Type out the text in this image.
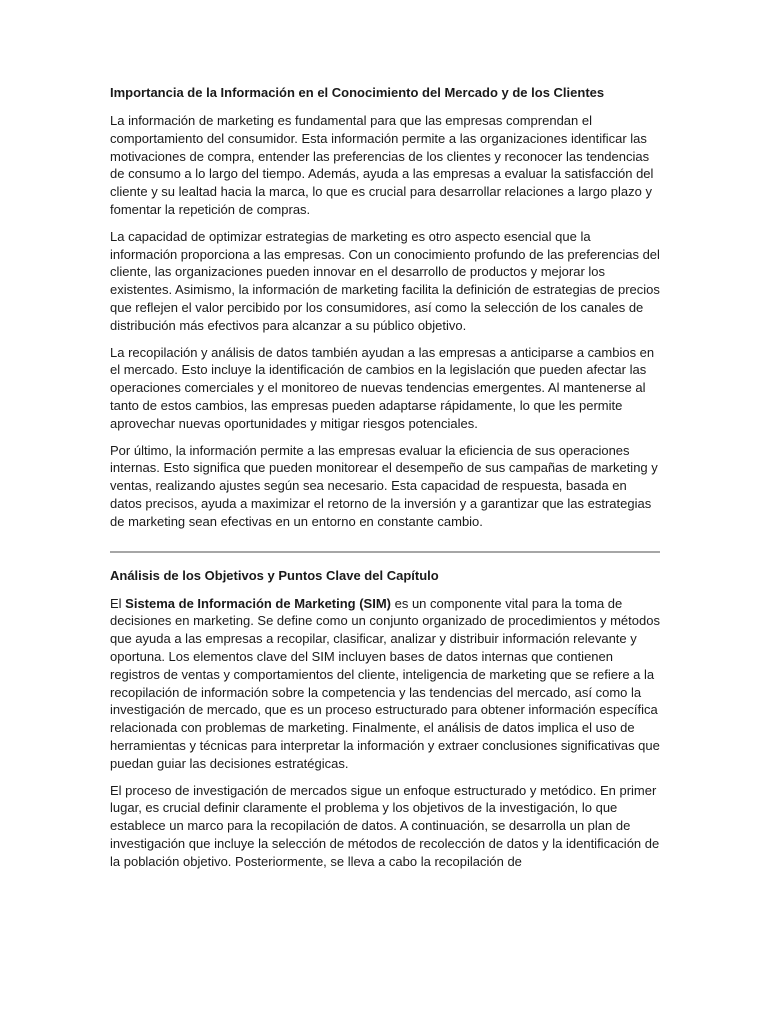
Importancia de la Información en el Conocimiento del Mercado y de los Clientes

La información de marketing es fundamental para que las empresas comprendan el comportamiento del consumidor. Esta información permite a las organizaciones identificar las motivaciones de compra, entender las preferencias de los clientes y reconocer las tendencias de consumo a lo largo del tiempo. Además, ayuda a las empresas a evaluar la satisfacción del cliente y su lealtad hacia la marca, lo que es crucial para desarrollar relaciones a largo plazo y fomentar la repetición de compras.

La capacidad de optimizar estrategias de marketing es otro aspecto esencial que la información proporciona a las empresas. Con un conocimiento profundo de las preferencias del cliente, las organizaciones pueden innovar en el desarrollo de productos y mejorar los existentes. Asimismo, la información de marketing facilita la definición de estrategias de precios que reflejen el valor percibido por los consumidores, así como la selección de los canales de distribución más efectivos para alcanzar a su público objetivo.

La recopilación y análisis de datos también ayudan a las empresas a anticiparse a cambios en el mercado. Esto incluye la identificación de cambios en la legislación que pueden afectar las operaciones comerciales y el monitoreo de nuevas tendencias emergentes. Al mantenerse al tanto de estos cambios, las empresas pueden adaptarse rápidamente, lo que les permite aprovechar nuevas oportunidades y mitigar riesgos potenciales.

Por último, la información permite a las empresas evaluar la eficiencia de sus operaciones internas. Esto significa que pueden monitorear el desempeño de sus campañas de marketing y ventas, realizando ajustes según sea necesario. Esta capacidad de respuesta, basada en datos precisos, ayuda a maximizar el retorno de la inversión y a garantizar que las estrategias de marketing sean efectivas en un entorno en constante cambio.

Análisis de los Objetivos y Puntos Clave del Capítulo

El Sistema de Información de Marketing (SIM) es un componente vital para la toma de decisiones en marketing. Se define como un conjunto organizado de procedimientos y métodos que ayuda a las empresas a recopilar, clasificar, analizar y distribuir información relevante y oportuna. Los elementos clave del SIM incluyen bases de datos internas que contienen registros de ventas y comportamientos del cliente, inteligencia de marketing que se refiere a la recopilación de información sobre la competencia y las tendencias del mercado, así como la investigación de mercado, que es un proceso estructurado para obtener información específica relacionada con problemas de marketing. Finalmente, el análisis de datos implica el uso de herramientas y técnicas para interpretar la información y extraer conclusiones significativas que puedan guiar las decisiones estratégicas.

El proceso de investigación de mercados sigue un enfoque estructurado y metódico. En primer lugar, es crucial definir claramente el problema y los objetivos de la investigación, lo que establece un marco para la recopilación de datos. A continuación, se desarrolla un plan de investigación que incluye la selección de métodos de recolección de datos y la identificación de la población objetivo. Posteriormente, se lleva a cabo la recopilación de
